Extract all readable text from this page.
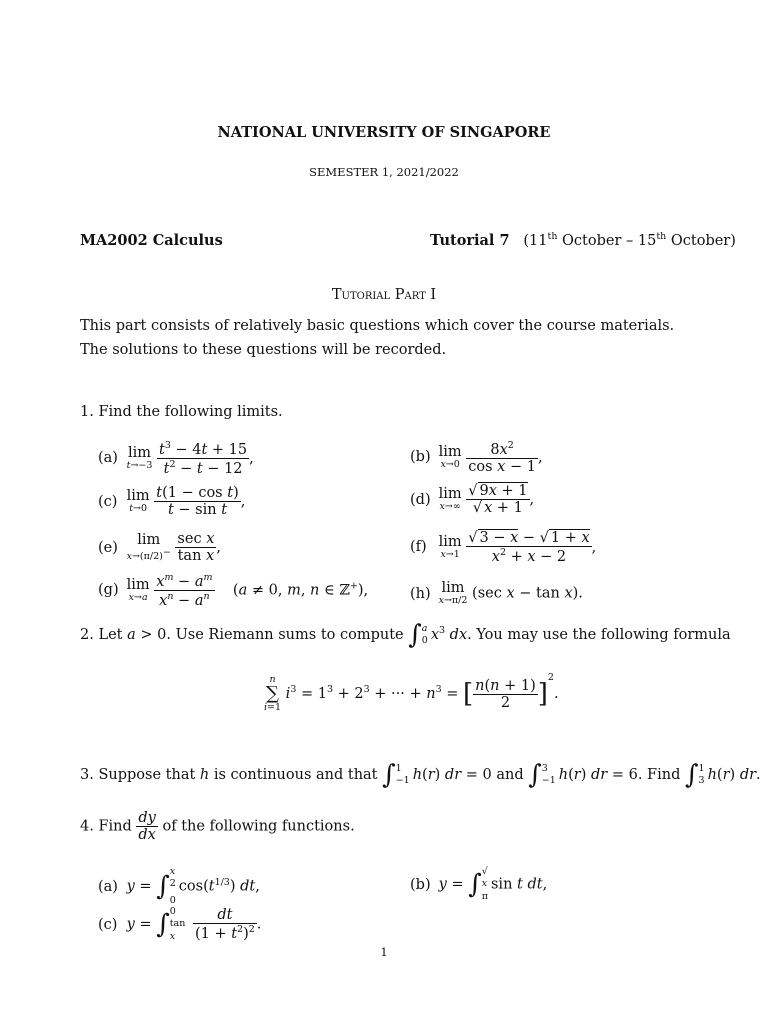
NATIONAL UNIVERSITY OF SINGAPORE
SEMESTER 1, 2021/2022
MA2002 Calculus	Tutorial 7   (11th October – 15th October)
Tutorial Part I
This part consists of relatively basic questions which cover the course materials. The solutions to these questions will be recorded.
1. Find the following limits.
(a) lim
t→−3
$\frac{t^3 - 4t + 15}{t^2 - t - 12}$ ,	(b) lim
x→0
$\frac{8x^2}{\text{cos x − 1}}$ ,
(c) lim
t→0
$\frac{\text{t(1 − cos t)}}{\text{t − sin t}}$ ,	(d) lim
x→∞
$\frac{√ 9x + 1}{√ x + 1}$ ,
(e) lim
x→(π/2)−
$\frac{\text{sec x}}{\text{tan x}}$ ,	(f) lim
x→1
$\frac{√ 3 - x - √ 1 + x}{x^2 + x - 2}$ ,
(g) lim
x→a
$\frac{x^m - a^m}{x^n - a^n} (a \ne 0$, m, n ∈ ℤ+),	(h) lim
x→π/2 (sec x − tan x).
2. Let a > 0. Use Riemann sums to compute ∫ a
0 $x^3$ dx. You may use the following formula
n
∑
i=1
$i^3 = 1^3 + 2^3$ + ··· + $n^3$ = [ $\frac{n(n + 1)}{2} ]^2$.
3. Suppose that h is continuous and that ∫ 1
−1 h(r) dr = 0 and ∫ 3
−1 h(r) dr = 6. Find ∫ 1
3 h(r) dr.
4. Find $\frac{dy}{dx}$ of the following functions.
(a) y = ∫
x
$^2$
0
$\cos(t^{1/3})$ dt,	(b) y = ∫ √
x
π
sin t dt,
(c) y = ∫ 0
tan
x
	$\frac{dt}{(1 + t^2)^2}$ .
1
